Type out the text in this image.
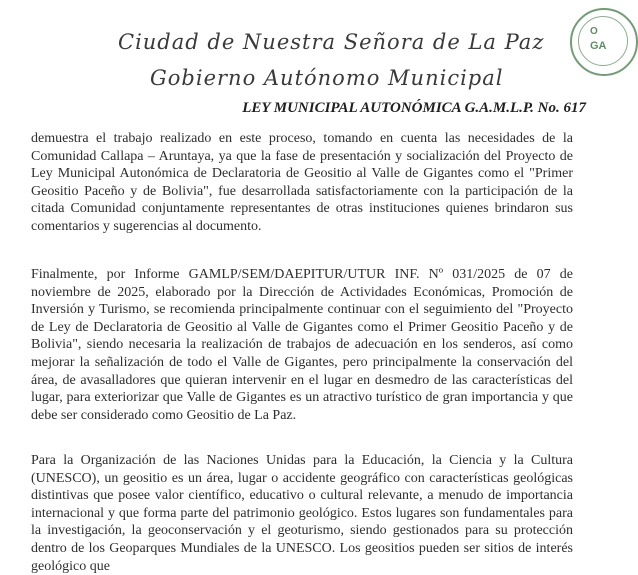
Ciudad de Nuestra Señora de La Paz
Gobierno Autónomo Municipal
LEY MUNICIPAL AUTONÓMICA G.A.M.L.P. No. 617
O
GA
demuestra el trabajo realizado en este proceso, tomando en cuenta las necesidades de la Comunidad Callapa – Aruntaya, ya que la fase de presentación y socialización del Proyecto de Ley Municipal Autonómica de Declaratoria de Geositio al Valle de Gigantes como el "Primer Geositio Paceño y de Bolivia", fue desarrollada satisfactoriamente con la participación de la citada Comunidad conjuntamente representantes de otras instituciones quienes brindaron sus comentarios y sugerencias al documento.
Finalmente, por Informe GAMLP/SEM/DAEPITUR/UTUR INF. Nº 031/2025 de 07 de noviembre de 2025, elaborado por la Dirección de Actividades Económicas, Promoción de Inversión y Turismo, se recomienda principalmente continuar con el seguimiento del "Proyecto de Ley de Declaratoria de Geositio al Valle de Gigantes como el Primer Geositio Paceño y de Bolivia", siendo necesaria la realización de trabajos de adecuación en los senderos, así como mejorar la señalización de todo el Valle de Gigantes, pero principalmente la conservación del área, de avasalladores que quieran intervenir en el lugar en desmedro de las características del lugar, para exteriorizar que Valle de Gigantes es un atractivo turístico de gran importancia y que debe ser considerado como Geositio de La Paz.
Para la Organización de las Naciones Unidas para la Educación, la Ciencia y la Cultura (UNESCO), un geositio es un área, lugar o accidente geográfico con características geológicas distintivas que posee valor científico, educativo o cultural relevante, a menudo de importancia internacional y que forma parte del patrimonio geológico. Estos lugares son fundamentales para la investigación, la geoconservación y el geoturismo, siendo gestionados para su protección dentro de los Geoparques Mundiales de la UNESCO. Los geositios pueden ser sitios de interés geológico que
